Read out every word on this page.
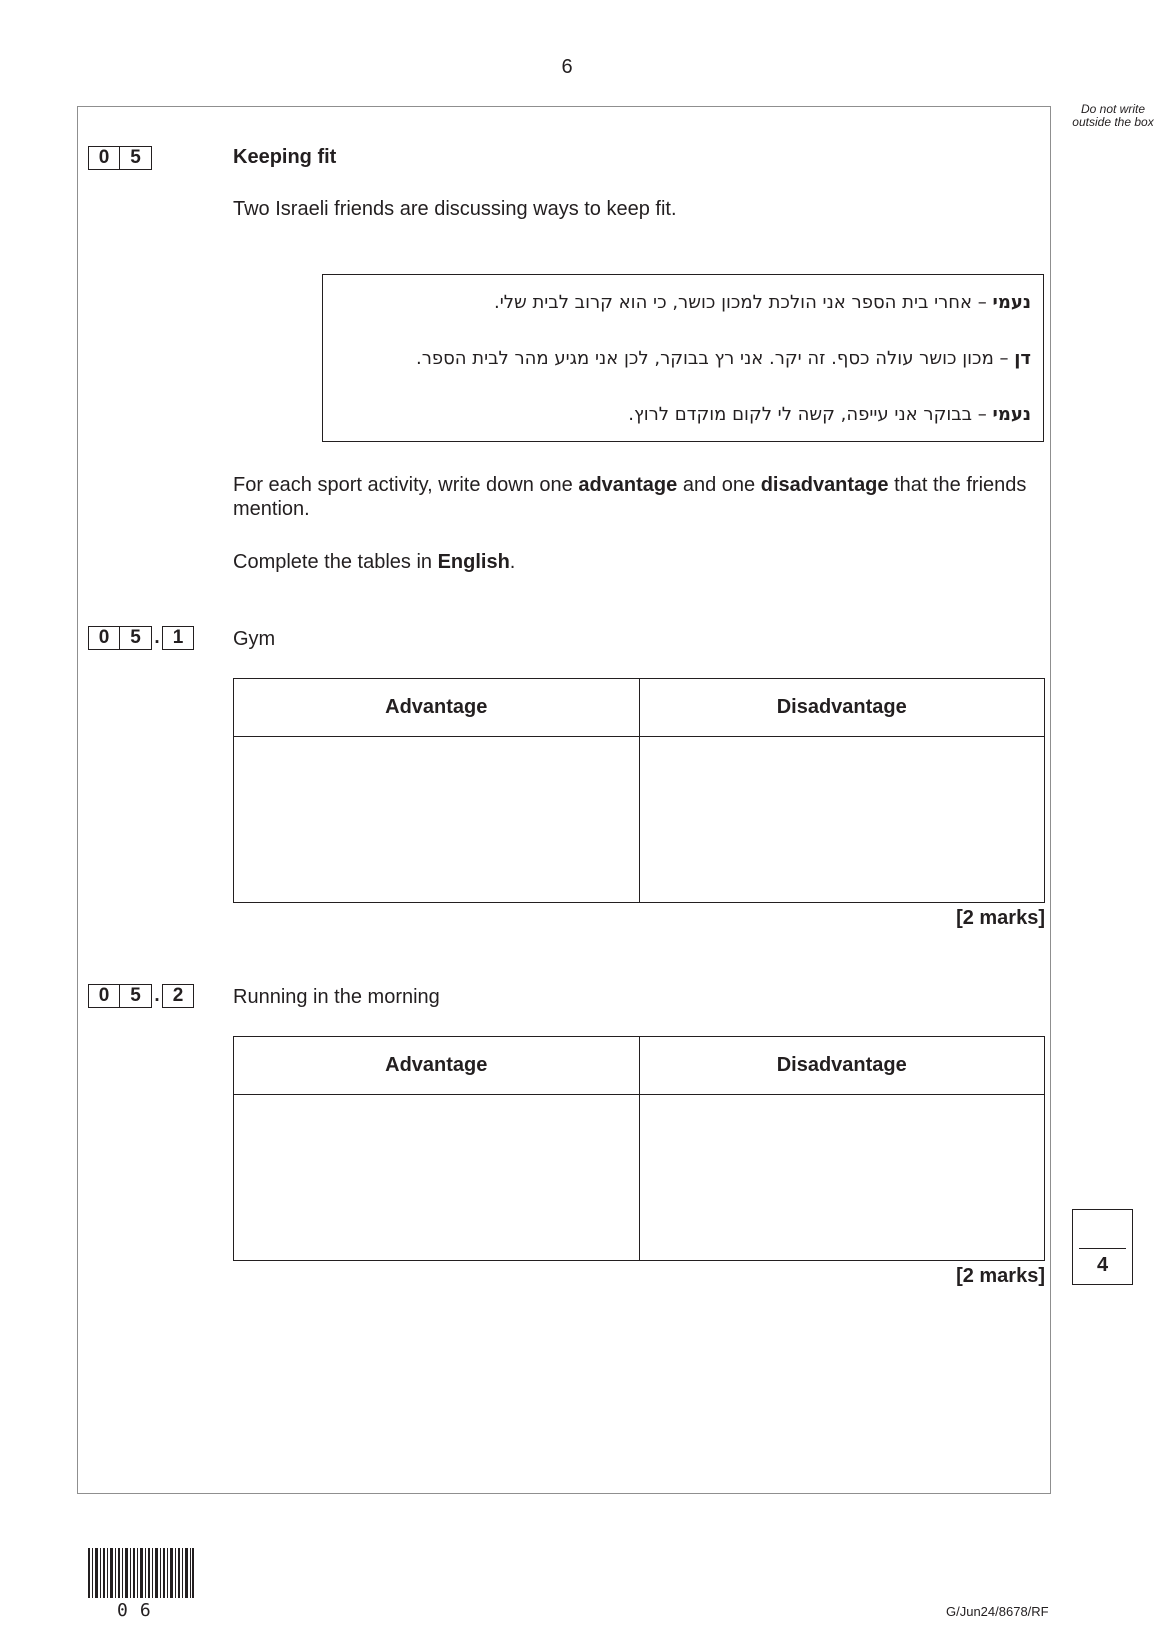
6
Do not write outside the box
0	5	Keeping fit
Two Israeli friends are discussing ways to keep fit.
נעמי – אחרי בית הספר אני הולכת למכון כושר, כי הוא קרוב לבית שלי.
דן – מכון כושר עולה כסף. זה יקר. אני רץ בבוקר, לכן אני מגיע מהר לבית הספר.
נעמי – בבוקר אני עייפה, קשה לי לקום מוקדם לרוץ.
For each sport activity, write down one advantage and one disadvantage that the friends mention.
Complete the tables in English.
0	5 . 1	Gym
Advantage	Disadvantage

[2 marks]
0	5 . 2	Running in the morning
Advantage	Disadvantage

[2 marks]	4
06	G/Jun24/8678/RF
